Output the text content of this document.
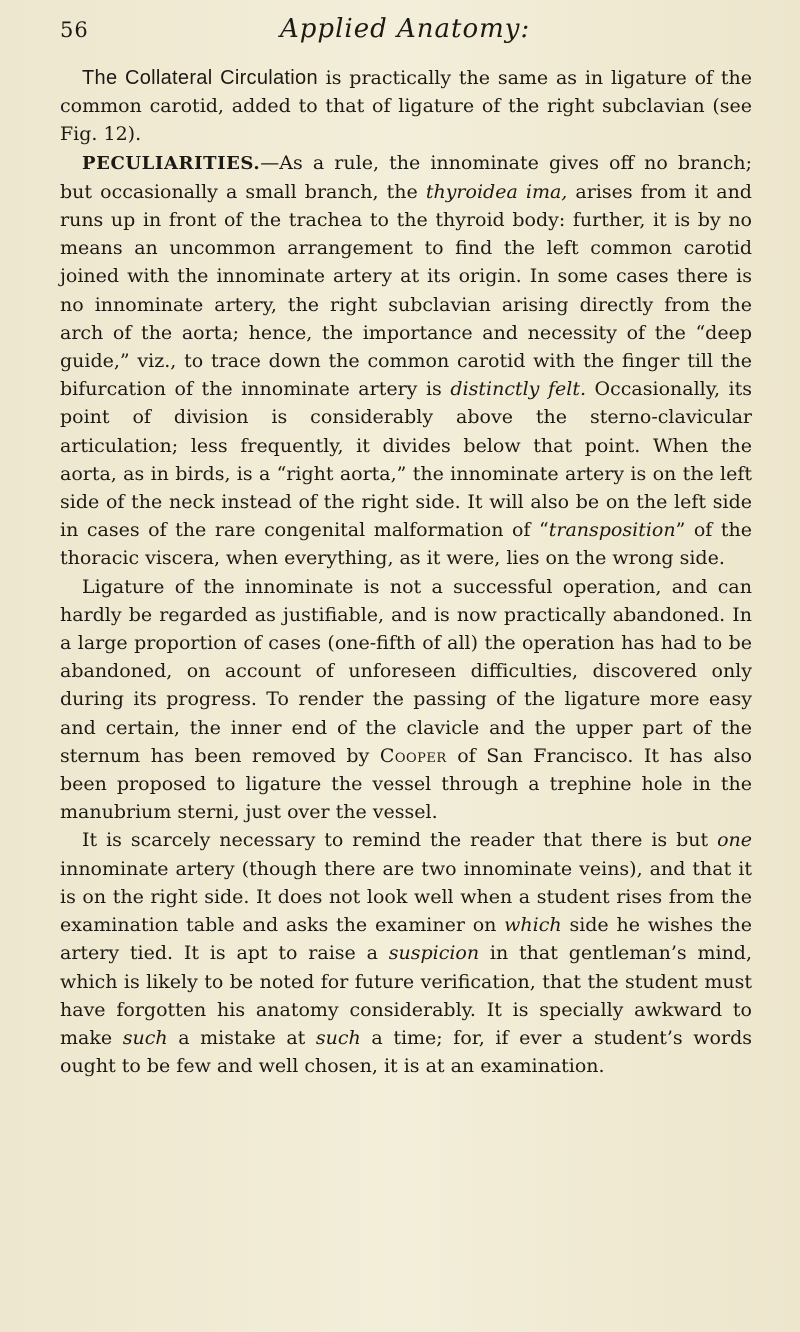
56	Applied Anatomy:

The Collateral Circulation is practically the same as in ligature of the common carotid, added to that of ligature of the right subclavian (see Fig. 12).

PECULIARITIES.—As a rule, the innominate gives off no branch; but occasionally a small branch, the thyroidea ima, arises from it and runs up in front of the trachea to the thyroid body: further, it is by no means an uncommon arrangement to find the left common carotid joined with the innominate artery at its origin. In some cases there is no innominate artery, the right subclavian arising directly from the arch of the aorta; hence, the importance and necessity of the “deep guide,” viz., to trace down the common carotid with the finger till the bifurcation of the innominate artery is distinctly felt. Occasionally, its point of division is considerably above the sterno-clavicular articulation; less frequently, it divides below that point. When the aorta, as in birds, is a “right aorta,” the innominate artery is on the left side of the neck instead of the right side. It will also be on the left side in cases of the rare congenital malformation of “transposition” of the thoracic viscera, when everything, as it were, lies on the wrong side.

Ligature of the innominate is not a successful operation, and can hardly be regarded as justifiable, and is now practically abandoned. In a large proportion of cases (one-fifth of all) the operation has had to be abandoned, on account of unforeseen difficulties, discovered only during its progress. To render the passing of the ligature more easy and certain, the inner end of the clavicle and the upper part of the sternum has been removed by Cooper of San Francisco. It has also been proposed to ligature the vessel through a trephine hole in the manubrium sterni, just over the vessel.

It is scarcely necessary to remind the reader that there is but one innominate artery (though there are two innominate veins), and that it is on the right side. It does not look well when a student rises from the examination table and asks the examiner on which side he wishes the artery tied. It is apt to raise a suspicion in that gentleman’s mind, which is likely to be noted for future verification, that the student must have forgotten his anatomy considerably. It is specially awkward to make such a mistake at such a time; for, if ever a student’s words ought to be few and well chosen, it is at an examination.
